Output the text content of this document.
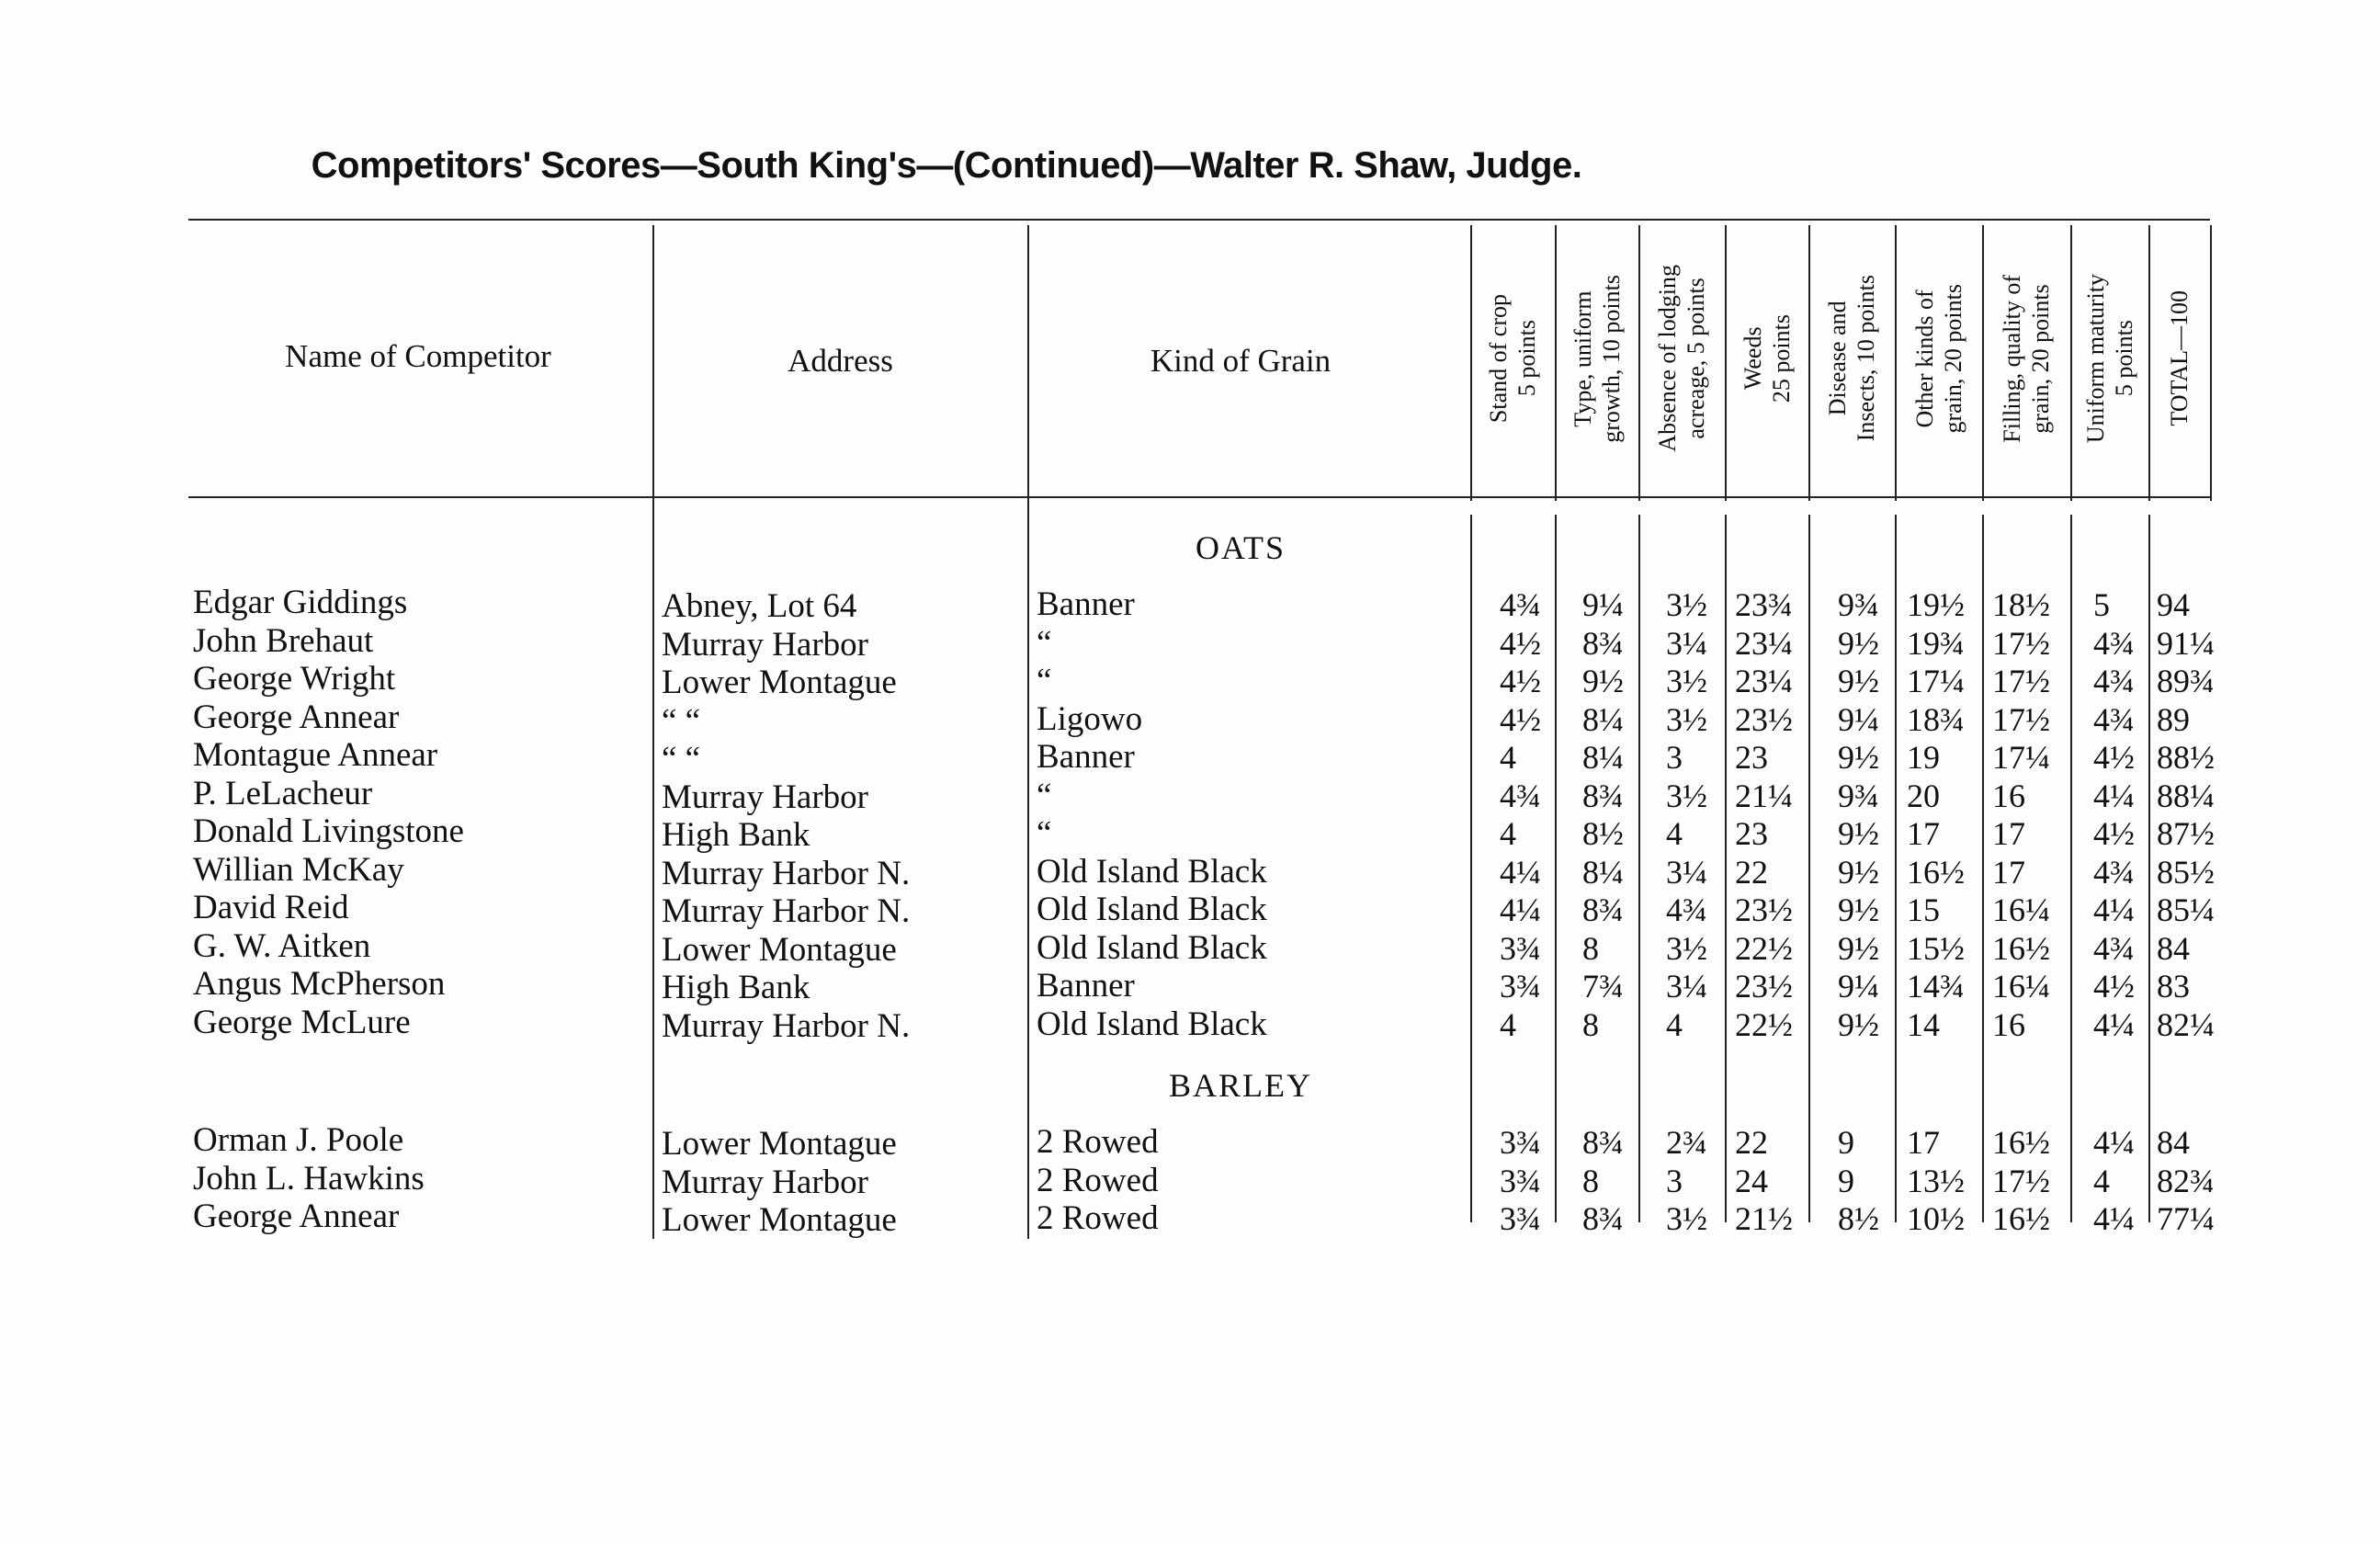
Competitors' Scores—South King's—(Continued)—Walter R. Shaw, Judge.
Name of Competitor	Address	Kind of Grain	Stand of crop 5 points Type, uniform growth, 10 points Absence of lodging acreage, 5 points Weeds 25 points Disease and Insects, 10 points Other kinds of grain, 20 points Filling, quality of grain, 20 points Uniform maturity 5 points TOTAL—100
OATS
Edgar Giddings	Abney, Lot 64	Banner	4¾ 9¼ 3½ 23¾ 9¾ 19½ 18½ 5 94
John Brehaut	Murray Harbor	“	4½ 8¾ 3¼ 23¼ 9½ 19¾ 17½ 4¾ 91¼
George Wright	Lower Montague	“	4½ 9½ 3½ 23¼ 9½ 17¼ 17½ 4¾ 89¾
George Annear	“ “	Ligowo	4½ 8¼ 3½ 23½ 9¼ 18¾ 17½ 4¾ 89
Montague Annear	“ “	Banner	4 8¼ 3 23 9½ 19 17¼ 4½ 88½
P. LeLacheur	Murray Harbor	“	4¾ 8¾ 3½ 21¼ 9¾ 20 16 4¼ 88¼
Donald Livingstone	High Bank	“	4 8½ 4 23 9½ 17 17 4½ 87½
Willian McKay	Murray Harbor N.	Old Island Black	4¼ 8¼ 3¼ 22 9½ 16½ 17 4¾ 85½
David Reid	Murray Harbor N.	Old Island Black	4¼ 8¾ 4¾ 23½ 9½ 15 16¼ 4¼ 85¼
G. W. Aitken	Lower Montague	Old Island Black	3¾ 8 3½ 22½ 9½ 15½ 16½ 4¾ 84
Angus McPherson	High Bank	Banner	3¾ 7¾ 3¼ 23½ 9¼ 14¾ 16¼ 4½ 83
George McLure	Murray Harbor N.	Old Island Black	4 8 4 22½ 9½ 14 16 4¼ 82¼
BARLEY
Orman J. Poole	Lower Montague	2 Rowed	3¾ 8¾ 2¾ 22 9 17 16½ 4¼ 84
John L. Hawkins	Murray Harbor	2 Rowed	3¾ 8 3 24 9 13½ 17½ 4 82¾
George Annear	Lower Montague	2 Rowed	3¾ 8¾ 3½ 21½ 8½ 10½ 16½ 4¼ 77¼
